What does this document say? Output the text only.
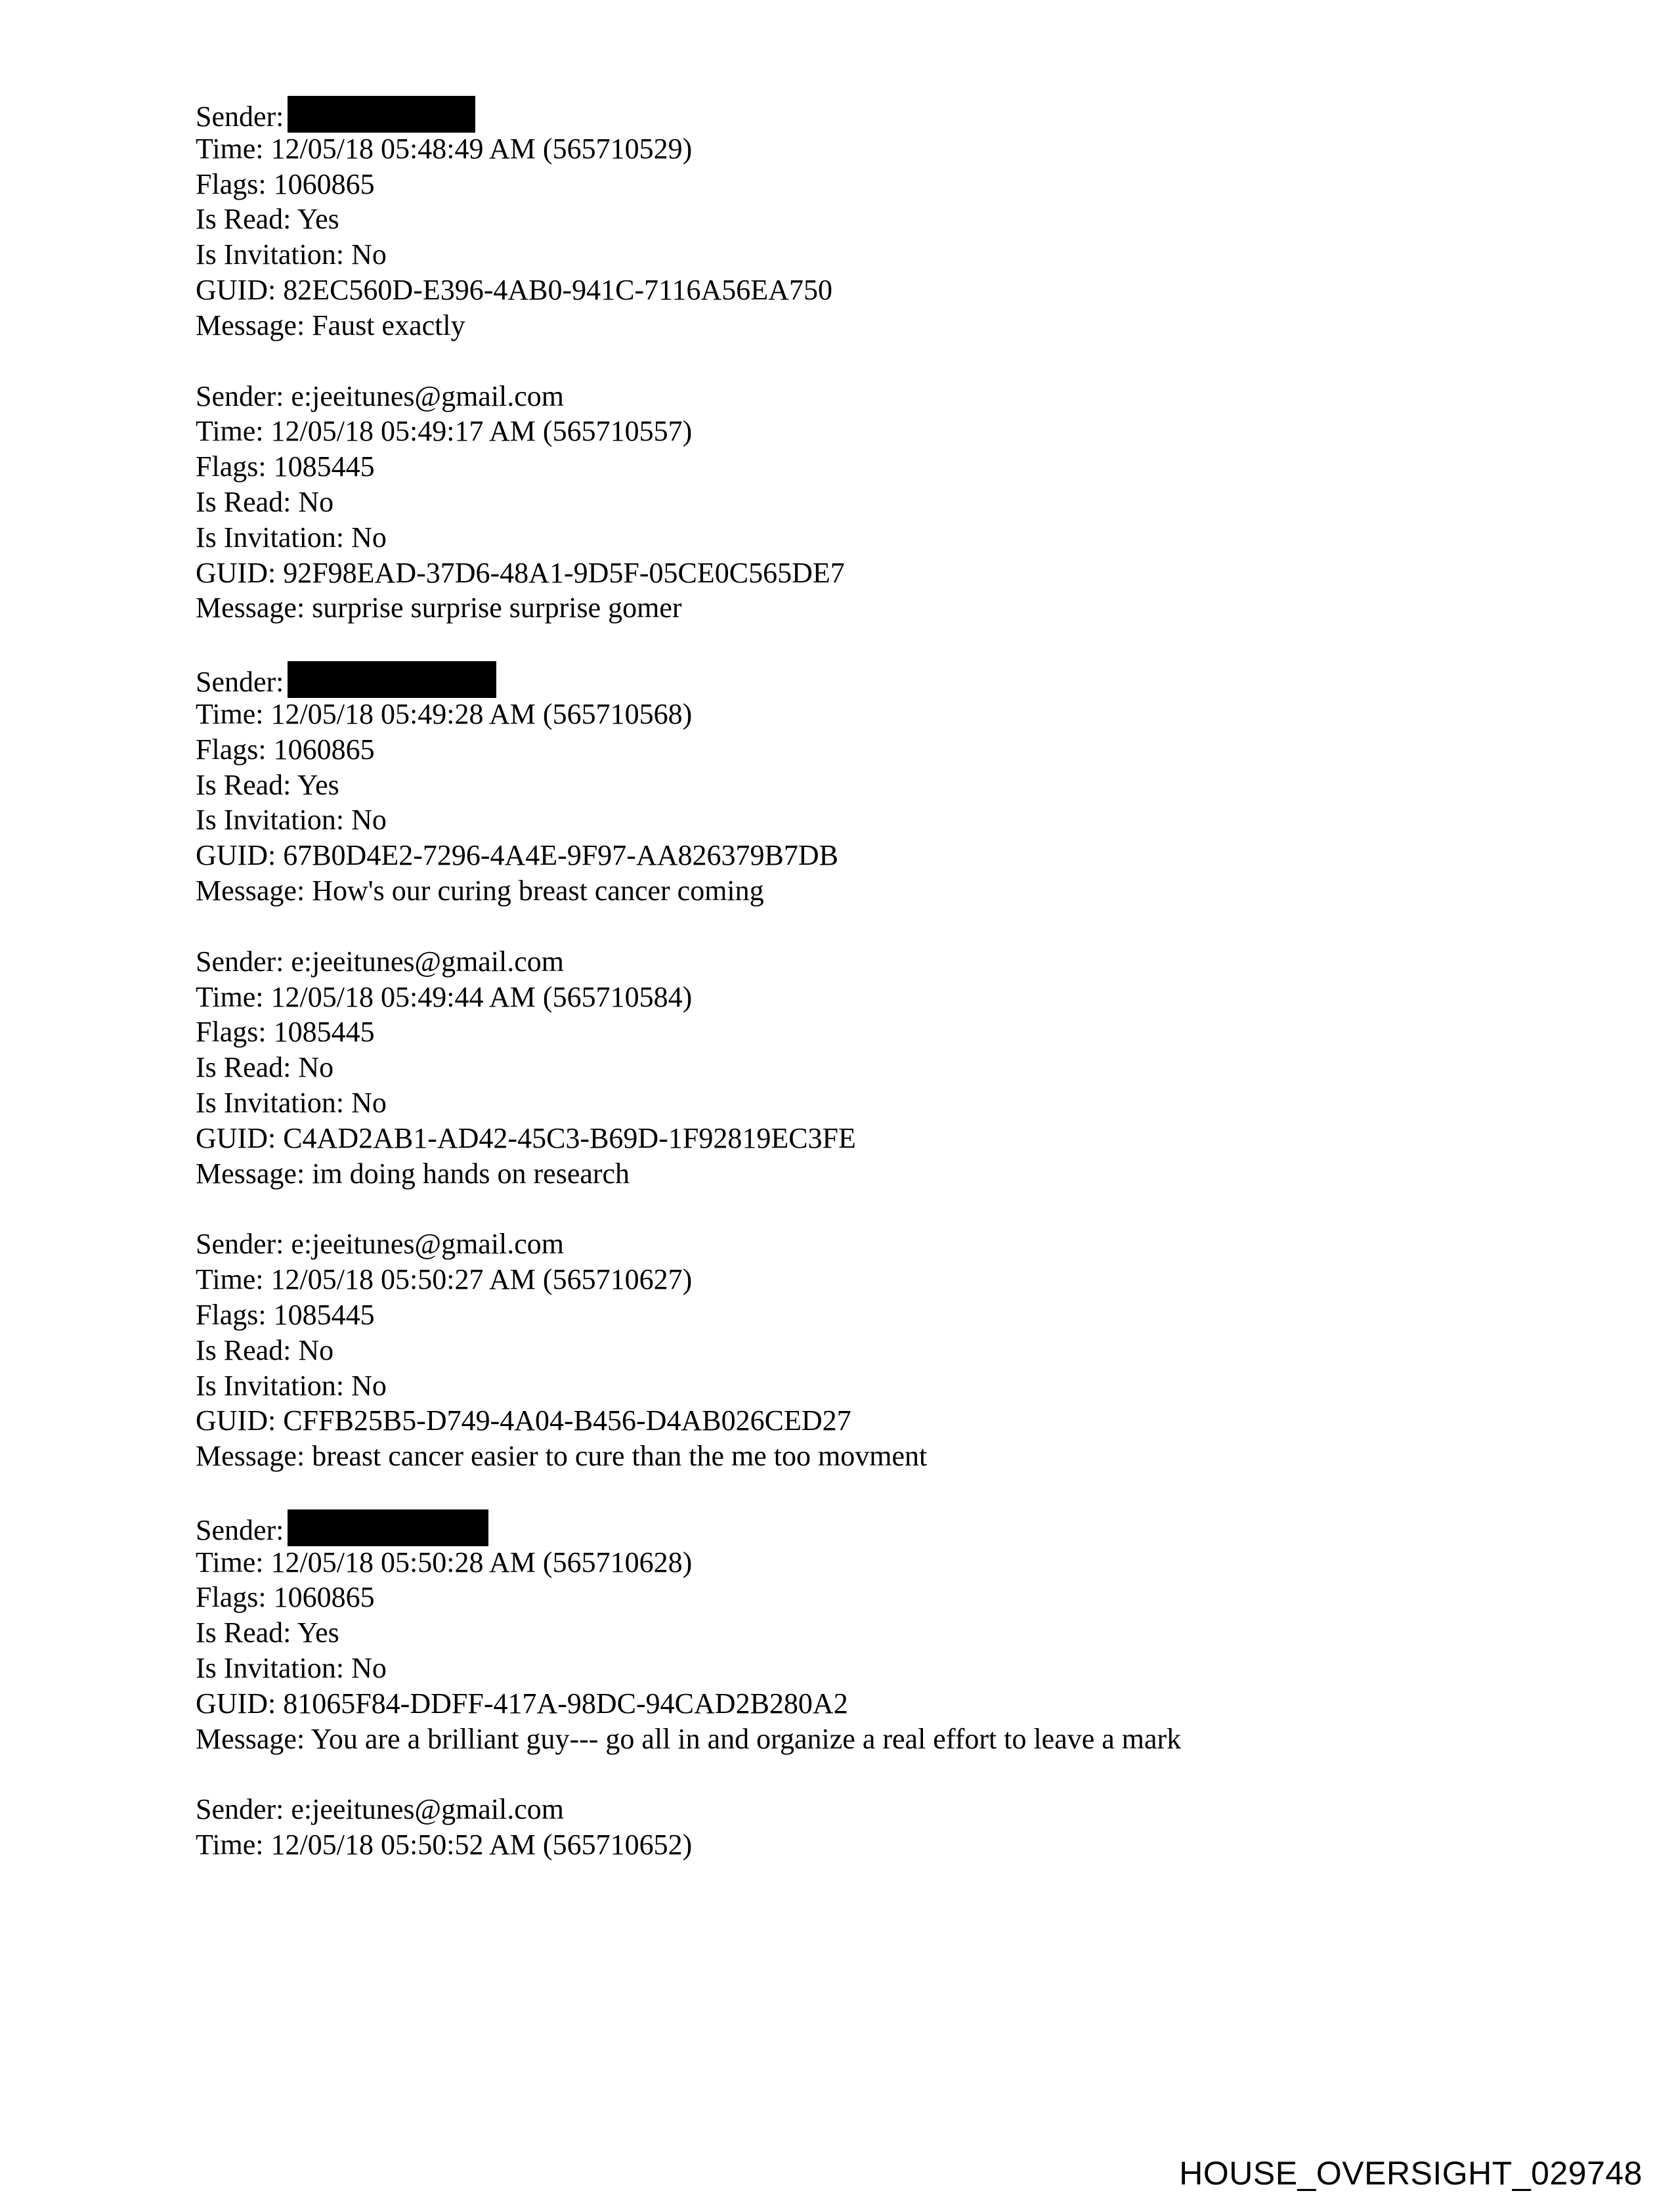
Sender:
Time: 12/05/18 05:48:49 AM (565710529)
Flags: 1060865
Is Read: Yes
Is Invitation: No
GUID: 82EC560D-E396-4AB0-941C-7116A56EA750
Message: Faust exactly
Sender: e:jeeitunes@gmail.com
Time: 12/05/18 05:49:17 AM (565710557)
Flags: 1085445
Is Read: No
Is Invitation: No
GUID: 92F98EAD-37D6-48A1-9D5F-05CE0C565DE7
Message: surprise surprise surprise gomer
Sender:
Time: 12/05/18 05:49:28 AM (565710568)
Flags: 1060865
Is Read: Yes
Is Invitation: No
GUID: 67B0D4E2-7296-4A4E-9F97-AA826379B7DB
Message: How's our curing breast cancer coming
Sender: e:jeeitunes@gmail.com
Time: 12/05/18 05:49:44 AM (565710584)
Flags: 1085445
Is Read: No
Is Invitation: No
GUID: C4AD2AB1-AD42-45C3-B69D-1F92819EC3FE
Message: im doing hands on research
Sender: e:jeeitunes@gmail.com
Time: 12/05/18 05:50:27 AM (565710627)
Flags: 1085445
Is Read: No
Is Invitation: No
GUID: CFFB25B5-D749-4A04-B456-D4AB026CED27
Message: breast cancer easier to cure than the me too movment
Sender:
Time: 12/05/18 05:50:28 AM (565710628)
Flags: 1060865
Is Read: Yes
Is Invitation: No
GUID: 81065F84-DDFF-417A-98DC-94CAD2B280A2
Message: You are a brilliant guy--- go all in and organize a real effort to leave a mark
Sender: e:jeeitunes@gmail.com
Time: 12/05/18 05:50:52 AM (565710652)
HOUSE_OVERSIGHT_029748
